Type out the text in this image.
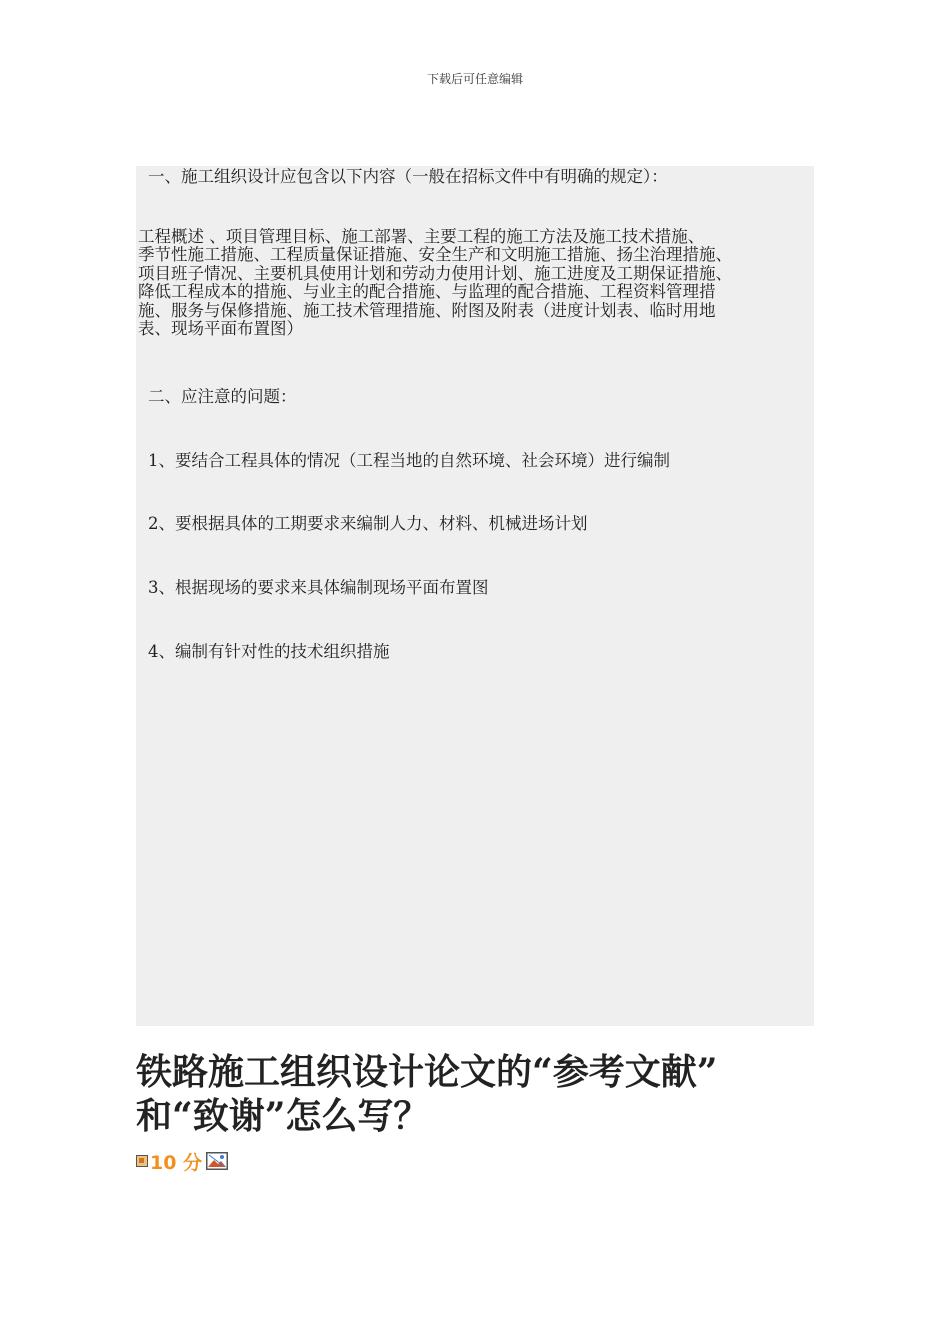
下载后可任意编辑
一、施工组织设计应包含以下内容（一般在招标文件中有明确的规定）：
工程概述 、项目管理目标、施工部署、主要工程的施工方法及施工技术措施、
季节性施工措施、工程质量保证措施、安全生产和文明施工措施、扬尘治理措施、
项目班子情况、主要机具使用计划和劳动力使用计划、施工进度及工期保证措施、
降低工程成本的措施、与业主的配合措施、与监理的配合措施、工程资料管理措
施、服务与保修措施、施工技术管理措施、附图及附表（进度计划表、临时用地
表、现场平面布置图）
二、应注意的问题：
1、要结合工程具体的情况（工程当地的自然环境、社会环境）进行编制
2、要根据具体的工期要求来编制人力、材料、机械进场计划
3、根据现场的要求来具体编制现场平面布置图
4、编制有针对性的技术组织措施
铁路施工组织设计论文的“参考文献”
和“致谢”怎么写？
10 分
